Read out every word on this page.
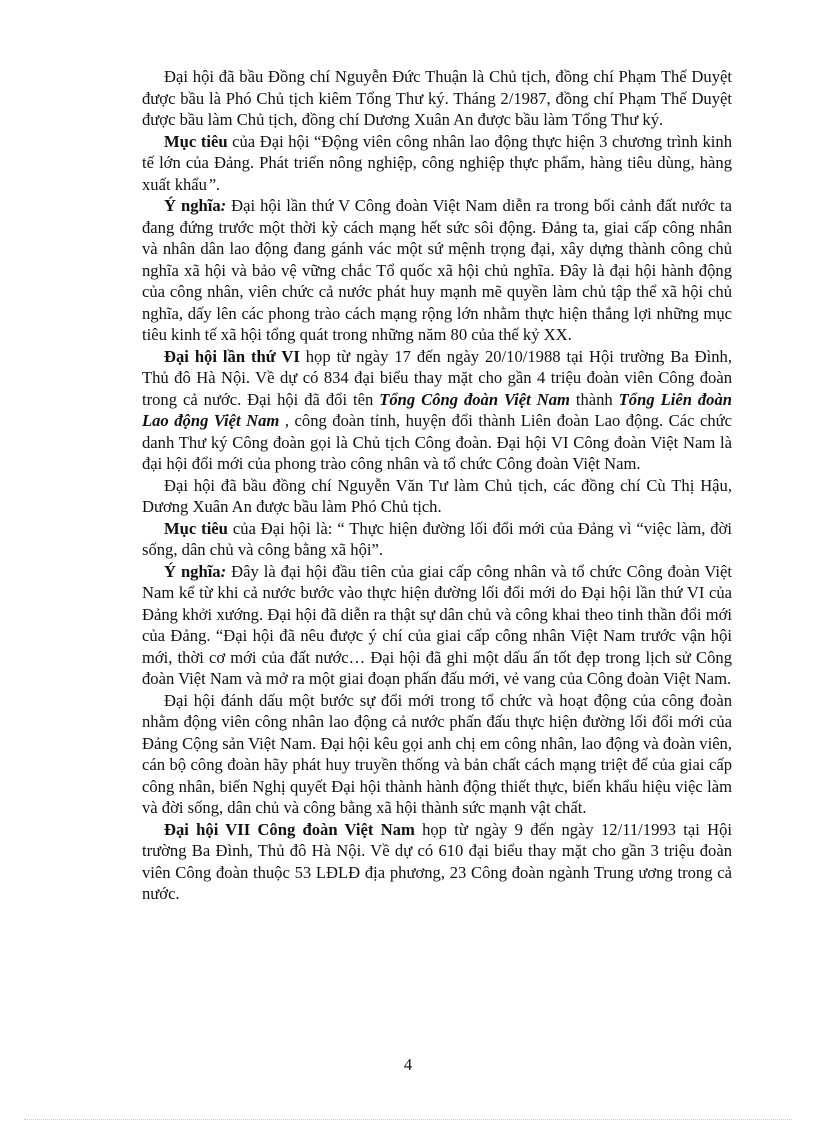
Đại hội đã bầu Đồng chí Nguyễn Đức Thuận là Chủ tịch, đồng chí Phạm Thế Duyệt được bầu là Phó Chủ tịch kiêm Tổng Thư ký. Tháng 2/1987, đồng chí Phạm Thế Duyệt được bầu làm Chủ tịch, đồng chí Dương Xuân An được bầu làm Tổng Thư ký.

Mục tiêu của Đại hội “Động viên công nhân lao động thực hiện 3 chương trình kinh tế lớn của Đảng. Phát triển nông nghiệp, công nghiệp thực phẩm, hàng tiêu dùng, hàng xuất khẩu”.

Ý nghĩa: Đại hội lần thứ V Công đoàn Việt Nam diễn ra trong bối cảnh đất nước ta đang đứng trước một thời kỳ cách mạng hết sức sôi động. Đảng ta, giai cấp công nhân và nhân dân lao động đang gánh vác một sứ mệnh trọng đại, xây dựng thành công chủ nghĩa xã hội và bảo vệ vững chắc Tổ quốc xã hội chủ nghĩa. Đây là đại hội hành động của công nhân, viên chức cả nước phát huy mạnh mẽ quyền làm chủ tập thể xã hội chủ nghĩa, dấy lên các phong trào cách mạng rộng lớn nhằm thực hiện thắng lợi những mục tiêu kinh tế xã hội tổng quát trong những năm 80 của thế kỷ XX.

Đại hội lần thứ VI họp từ ngày 17 đến ngày 20/10/1988 tại Hội trường Ba Đình, Thủ đô Hà Nội. Về dự có 834 đại biểu thay mặt cho gần 4 triệu đoàn viên Công đoàn trong cả nước. Đại hội đã đổi tên Tổng Công đoàn Việt Nam thành Tổng Liên đoàn Lao động Việt Nam , công đoàn tỉnh, huyện đổi thành Liên đoàn Lao động. Các chức danh Thư ký Công đoàn gọi là Chủ tịch Công đoàn. Đại hội VI Công đoàn Việt Nam là đại hội đổi mới của phong trào công nhân và tổ chức Công đoàn Việt Nam.

Đại hội đã bầu đồng chí Nguyễn Văn Tư làm Chủ tịch, các đồng chí Cù Thị Hậu, Dương Xuân An được bầu làm Phó Chủ tịch.

Mục tiêu của Đại hội là: “ Thực hiện đường lối đổi mới của Đảng vì “việc làm, đời sống, dân chủ và công bằng xã hội”.

Ý nghĩa: Đây là đại hội đầu tiên của giai cấp công nhân và tổ chức Công đoàn Việt Nam kể từ khi cả nước bước vào thực hiện đường lối đổi mới do Đại hội lần thứ VI của Đảng khởi xướng. Đại hội đã diễn ra thật sự dân chủ và công khai theo tinh thần đổi mới của Đảng. “Đại hội đã nêu được ý chí của giai cấp công nhân Việt Nam trước vận hội mới, thời cơ mới của đất nước… Đại hội đã ghi một dấu ấn tốt đẹp trong lịch sử Công đoàn Việt Nam và mở ra một giai đoạn phấn đấu mới, vẻ vang của Công đoàn Việt Nam.

Đại hội đánh dấu một bước sự đổi mới trong tổ chức và hoạt động của công đoàn nhằm động viên công nhân lao động cả nước phấn đấu thực hiện đường lối đổi mới của Đảng Cộng sản Việt Nam. Đại hội kêu gọi anh chị em công nhân, lao động và đoàn viên, cán bộ công đoàn hãy phát huy truyền thống và bản chất cách mạng triệt để của giai cấp công nhân, biến Nghị quyết Đại hội thành hành động thiết thực, biến khẩu hiệu việc làm và đời sống, dân chủ và công bằng xã hội thành sức mạnh vật chất.

Đại hội VII Công đoàn Việt Nam họp từ ngày 9 đến ngày 12/11/1993 tại Hội trường Ba Đình, Thủ đô Hà Nội. Về dự có 610 đại biểu thay mặt cho gần 3 triệu đoàn viên Công đoàn thuộc 53 LĐLĐ địa phương, 23 Công đoàn ngành Trung ương trong cả nước.

4
